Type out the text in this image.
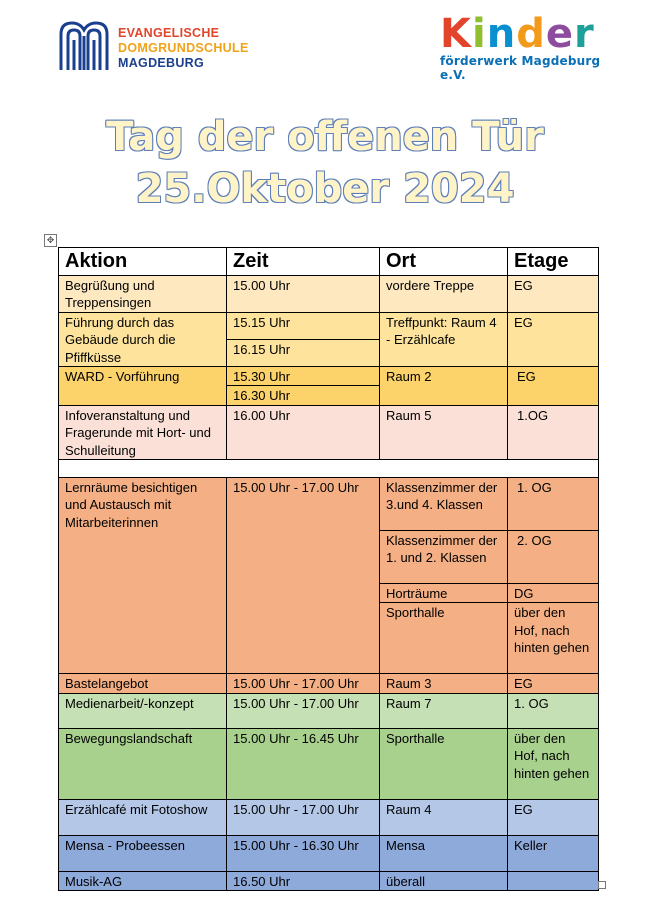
EVANGELISCHE
DOMGRUNDSCHULE
MAGDEBURG
Kinder
förderwerk Magdeburg e.V.
Tag der offenen Tür
25.Oktober 2024
✥
Aktion	Zeit	Ort	Etage
Begrüßung und Treppensingen	15.00 Uhr	vordere Treppe	EG
Führung durch das Gebäude durch die Pfiffküsse	15.15 Uhr	Treffpunkt: Raum 4 - Erzählcafe	EG
	16.15 Uhr		
WARD - Vorführung	15.30 Uhr	Raum 2	EG
	16.30 Uhr		
Infoveranstaltung und Fragerunde mit Hort- und Schulleitung	16.00 Uhr	Raum 5	1.OG

Lernräume besichtigen und Austausch mit Mitarbeiterinnen	15.00 Uhr - 17.00 Uhr	Klassenzimmer der 3.und 4. Klassen	1. OG
		Klassenzimmer der 1. und 2. Klassen	2. OG
		Horträume	DG
		Sporthalle	über den Hof, nach hinten gehen
Bastelangebot	15.00 Uhr - 17.00 Uhr	Raum 3	EG
Medienarbeit/-konzept	15.00 Uhr - 17.00 Uhr	Raum 7	1. OG
Bewegungslandschaft	15.00 Uhr - 16.45 Uhr	Sporthalle	über den Hof, nach hinten gehen
Erzählcafé mit Fotoshow	15.00 Uhr - 17.00 Uhr	Raum 4	EG
Mensa - Probeessen	15.00 Uhr - 16.30 Uhr	Mensa	Keller
Musik-AG	16.50 Uhr	überall	
